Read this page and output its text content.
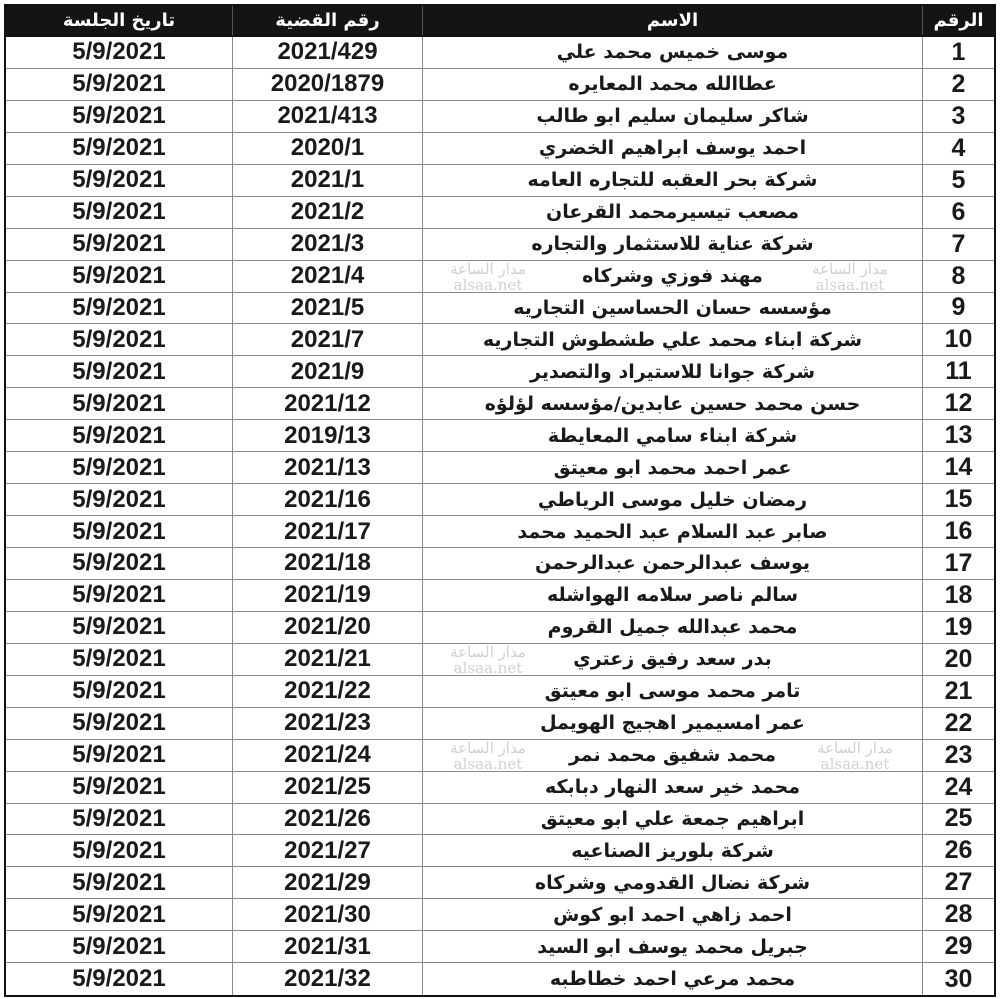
الرقم
الاسم
رقم القضية
تاريخ الجلسة
1
موسى خميس محمد علي
2021/429
5/9/2021
2
عطاالله محمد المعايره
2020/1879
5/9/2021
3
شاكر سليمان سليم ابو طالب
2021/413
5/9/2021
4
احمد يوسف ابراهيم الخضري
2020/1
5/9/2021
5
شركة بحر العقبه للتجاره العامه
2021/1
5/9/2021
6
مصعب تيسيرمحمد القرعان
2021/2
5/9/2021
7
شركة عناية للاستثمار والتجاره
2021/3
5/9/2021
8
مهند فوزي وشركاه
2021/4
5/9/2021
9
مؤسسه حسان الحساسين التجاريه
2021/5
5/9/2021
10
شركة ابناء محمد علي طشطوش التجاريه
2021/7
5/9/2021
11
شركة جوانا للاستيراد والتصدير
2021/9
5/9/2021
12
حسن محمد حسين عابدين/مؤسسه لؤلؤه
2021/12
5/9/2021
13
شركة ابناء سامي المعايطة
2019/13
5/9/2021
14
عمر احمد محمد ابو معيتق
2021/13
5/9/2021
15
رمضان خليل موسى الرياطي
2021/16
5/9/2021
16
صابر عبد السلام عبد الحميد محمد
2021/17
5/9/2021
17
يوسف عبدالرحمن عبدالرحمن
2021/18
5/9/2021
18
سالم ناصر سلامه الهواشله
2021/19
5/9/2021
19
محمد عبدالله جميل القروم
2021/20
5/9/2021
20
بدر سعد رفيق زعتري
2021/21
5/9/2021
21
تامر محمد موسى ابو معيتق
2021/22
5/9/2021
22
عمر امسيمير اهجيج الهويمل
2021/23
5/9/2021
23
محمد شفيق محمد نمر
2021/24
5/9/2021
24
محمد خير سعد النهار دبابكه
2021/25
5/9/2021
25
ابراهيم جمعة علي ابو معيتق
2021/26
5/9/2021
26
شركة بلوريز الصناعيه
2021/27
5/9/2021
27
شركة نضال القدومي وشركاه
2021/29
5/9/2021
28
احمد زاهي احمد ابو كوش
2021/30
5/9/2021
29
جبريل محمد يوسف ابو السيد
2021/31
5/9/2021
30
محمد مرعي احمد خطاطبه
2021/32
5/9/2021
مدار الساعة
alsaa.net
مدار الساعة
alsaa.net
مدار الساعة
alsaa.net
مدار الساعة
alsaa.net
مدار الساعة
alsaa.net
